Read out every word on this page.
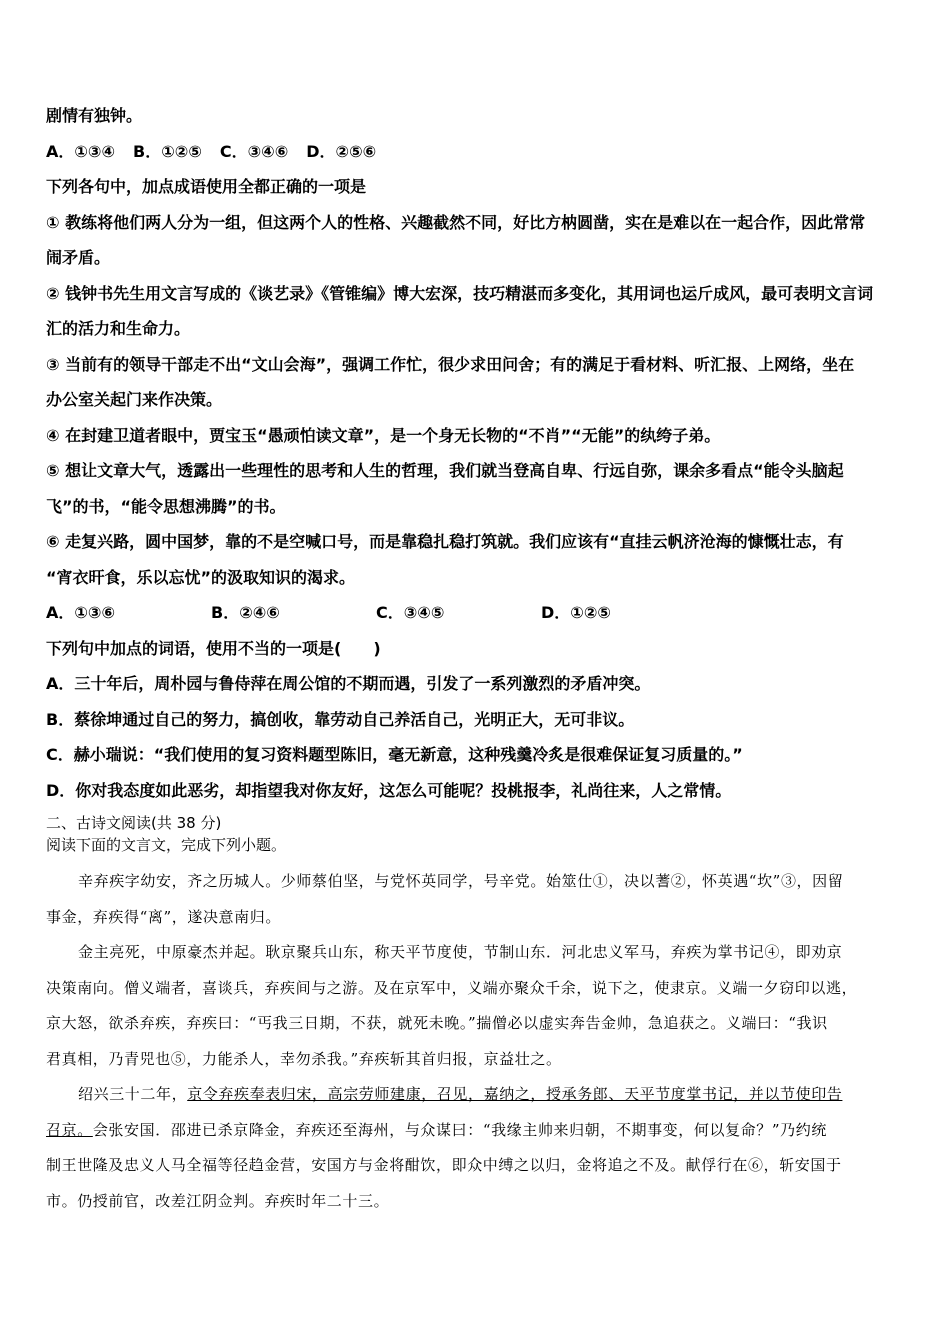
剧情有独钟。
A．①③④ B．①②⑤ C．③④⑥ D．②⑤⑥
下列各句中，加点成语使用全都正确的一项是
① 教练将他们两人分为一组，但这两个人的性格、兴趣截然不同，好比方枘圆凿，实在是难以在一起合作，因此常常
闹矛盾。
② 钱钟书先生用文言写成的《谈艺录》《管锥编》博大宏深，技巧精湛而多变化，其用词也运斤成风，最可表明文言词
汇的活力和生命力。
③ 当前有的领导干部走不出“文山会海”，强调工作忙，很少求田问舍；有的满足于看材料、听汇报、上网络，坐在
办公室关起门来作决策。
④ 在封建卫道者眼中，贾宝玉“愚顽怕读文章”，是一个身无长物的“不肖”“无能”的纨绔子弟。
⑤ 想让文章大气，透露出一些理性的思考和人生的哲理，我们就当登高自卑、行远自弥，课余多看点“能令头脑起
飞”的书，“能令思想沸腾”的书。
⑥ 走复兴路，圆中国梦，靠的不是空喊口号，而是靠稳扎稳打筑就。我们应该有“直挂云帆济沧海的慷慨壮志，有
“宵衣旰食，乐以忘忧”的汲取知识的渴求。
A．①③⑥	B．②④⑥	C．③④⑤	D．①②⑤
下列句中加点的词语，使用不当的一项是(　　)
A．三十年后，周朴园与鲁侍萍在周公馆的不期而遇，引发了一系列激烈的矛盾冲突。
B．蔡徐坤通过自己的努力，搞创收，靠劳动自己养活自己，光明正大，无可非议。
C．赫小瑞说：“我们使用的复习资料题型陈旧，毫无新意，这种残羹冷炙是很难保证复习质量的。”
D．你对我态度如此恶劣，却指望我对你友好，这怎么可能呢？投桃报李，礼尚往来，人之常情。
二、古诗文阅读(共 38 分)
阅读下面的文言文，完成下列小题。
辛弃疾字幼安，齐之历城人。少师蔡伯坚，与党怀英同学，号辛党。始筮仕①，决以蓍②，怀英遇“坎”③，因留
事金，弃疾得“离”，遂决意南归。
金主亮死，中原豪杰并起。耿京聚兵山东，称天平节度使，节制山东．河北忠义军马，弃疾为掌书记④，即劝京
决策南向。僧义端者，喜谈兵，弃疾间与之游。及在京军中，义端亦聚众千余，说下之，使隶京。义端一夕窃印以逃，
京大怒，欲杀弃疾，弃疾曰：“丐我三日期，不获，就死未晚。”揣僧必以虚实奔告金帅，急追获之。义端曰：“我识
君真相，乃青兕也⑤，力能杀人，幸勿杀我。”弃疾斩其首归报，京益壮之。
绍兴三十二年，京令弃疾奉表归宋，高宗劳师建康，召见，嘉纳之，授承务郎、天平节度掌书记，并以节使印告
召京。会张安国．邵进已杀京降金，弃疾还至海州，与众谋曰：“我缘主帅来归朝，不期事变，何以复命？”乃约统
制王世隆及忠义人马全福等径趋金营，安国方与金将酣饮，即众中缚之以归，金将追之不及。献俘行在⑥，斩安国于
市。仍授前官，改差江阴佥判。弃疾时年二十三。
